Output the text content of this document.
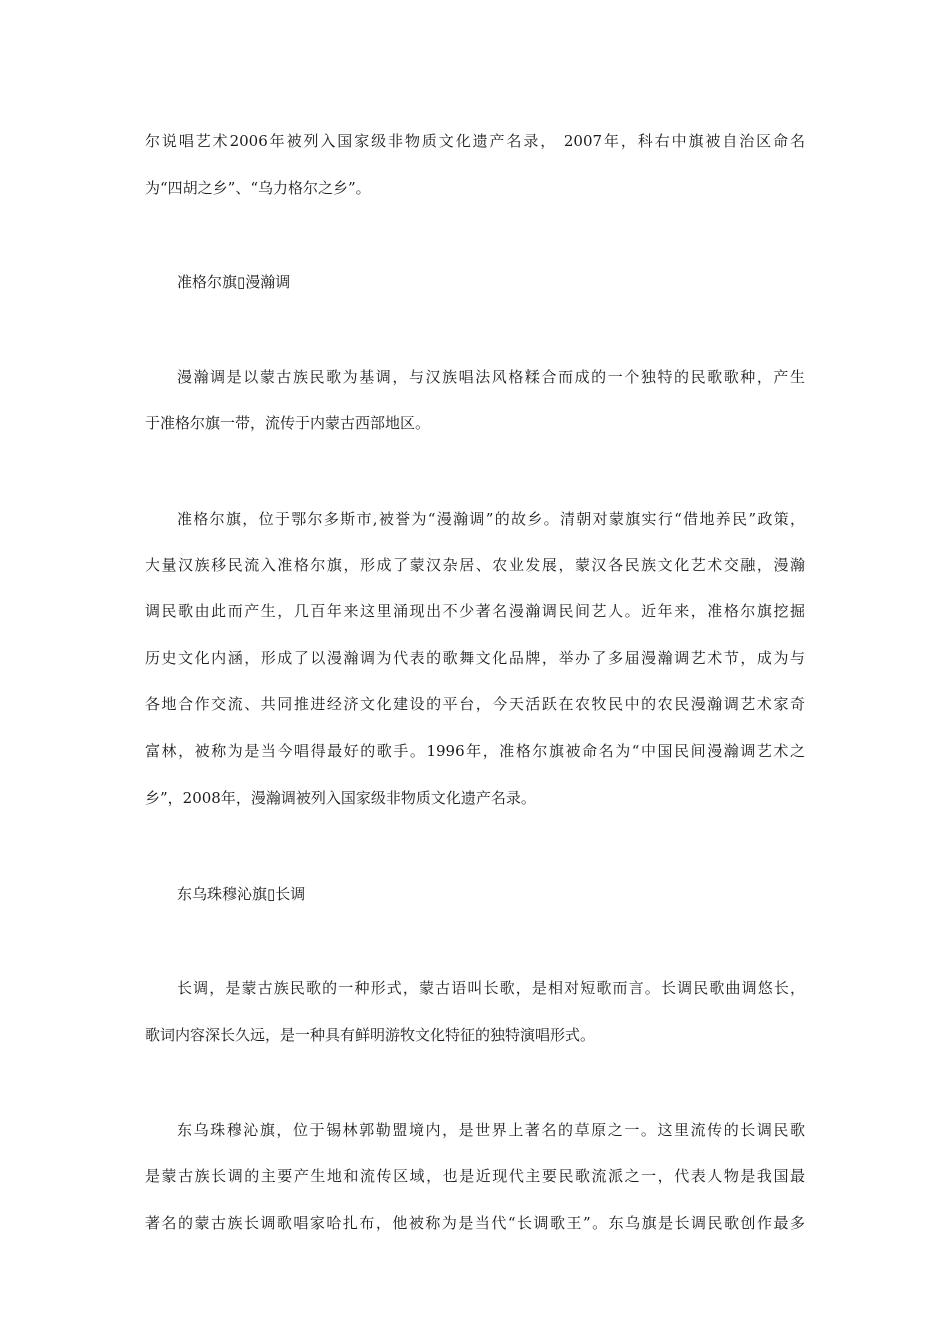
尔说唱艺术2006年被列入国家级非物质文化遗产名录， 2007年，科右中旗被自治区命名
为“四胡之乡”、“乌力格尔之乡”。
准格尔旗▯漫瀚调
漫瀚调是以蒙古族民歌为基调，与汉族唱法风格糅合而成的一个独特的民歌歌种，产生
于准格尔旗一带，流传于内蒙古西部地区。
准格尔旗，位于鄂尔多斯市,被誉为“漫瀚调”的故乡。清朝对蒙旗实行“借地养民”政策，
大量汉族移民流入准格尔旗，形成了蒙汉杂居、农业发展，蒙汉各民族文化艺术交融，漫瀚
调民歌由此而产生，几百年来这里涌现出不少著名漫瀚调民间艺人。近年来，准格尔旗挖掘
历史文化内涵，形成了以漫瀚调为代表的歌舞文化品牌，举办了多届漫瀚调艺术节，成为与
各地合作交流、共同推进经济文化建设的平台，今天活跃在农牧民中的农民漫瀚调艺术家奇
富林，被称为是当今唱得最好的歌手。1996年，准格尔旗被命名为“中国民间漫瀚调艺术之
乡”，2008年，漫瀚调被列入国家级非物质文化遗产名录。
东乌珠穆沁旗▯长调
长调，是蒙古族民歌的一种形式，蒙古语叫长歌，是相对短歌而言。长调民歌曲调悠长，
歌词内容深长久远，是一种具有鲜明游牧文化特征的独特演唱形式。
东乌珠穆沁旗，位于锡林郭勒盟境内，是世界上著名的草原之一。这里流传的长调民歌
是蒙古族长调的主要产生地和流传区域，也是近现代主要民歌流派之一，代表人物是我国最
著名的蒙古族长调歌唱家哈扎布，他被称为是当代“长调歌王”。东乌旗是长调民歌创作最多
